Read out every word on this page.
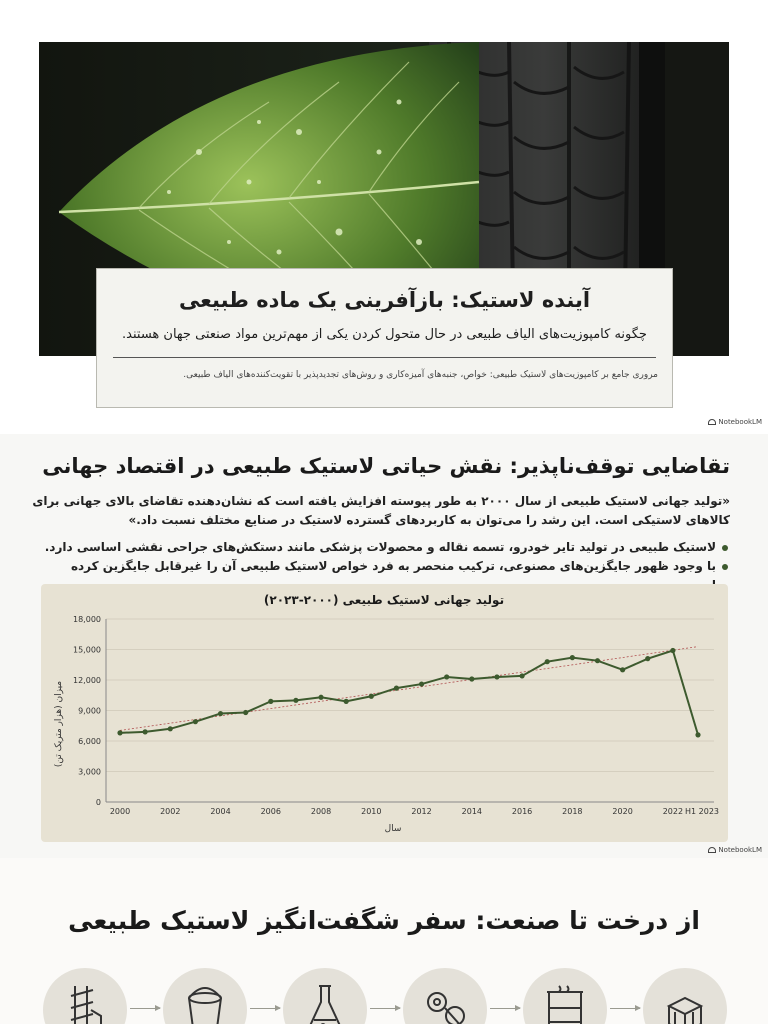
آینده لاستیک: بازآفرینی یک ماده طبیعی
چگونه کامپوزیت‌های الیاف طبیعی در حال متحول کردن یکی از مهم‌ترین مواد صنعتی جهان هستند.
مروری جامع بر کامپوزیت‌های لاستیک طبیعی: خواص، جنبه‌های آمیزه‌کاری و روش‌های تجدیدپذیر با تقویت‌کننده‌های الیاف طبیعی.
NotebookLM
تقاضایی توقف‌ناپذیر: نقش حیاتی لاستیک طبیعی در اقتصاد جهانی
«تولید جهانی لاستیک طبیعی از سال ۲۰۰۰ به طور پیوسته افزایش یافته است که نشان‌دهنده تقاضای بالای جهانی برای کالاهای لاستیکی است. این رشد را می‌توان به کاربردهای گسترده لاستیک در صنایع مختلف نسبت داد.»
لاستیک طبیعی در تولید تایر خودرو، تسمه نقاله و محصولات پزشکی مانند دستکش‌های جراحی نقشی اساسی دارد.
با وجود ظهور جایگزین‌های مصنوعی، ترکیب منحصر به فرد خواص لاستیک طبیعی آن را غیرقابل جایگزین کرده
تولید جهانی لاستیک طبیعی (۲۰۰۰-۲۰۲۳)
0
3,000
6,000
9,000
12,000
15,000
18,000
2000	2002	2004	2006	2008	2010	2012	2014	2016	2018	2020	2022 H1 2023
سال
میزان (هزار متریک تن)
NotebookLM
از درخت تا صنعت: سفر شگفت‌انگیز لاستیک طبیعی
